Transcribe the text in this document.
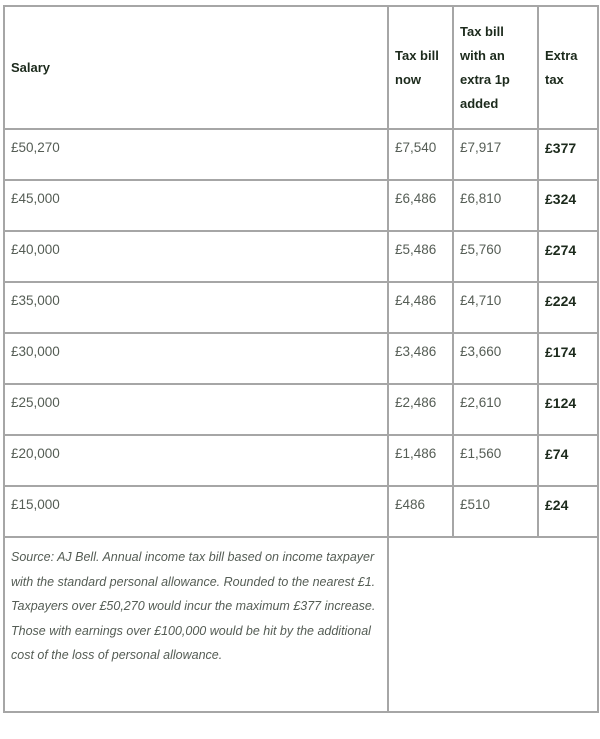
Salary	Tax bill now	Tax bill with an extra 1p added	Extra tax

£50,270	£7,540	£7,917	£377

£45,000	£6,486	£6,810	£324

£40,000	£5,486	£5,760	£274

£35,000	£4,486	£4,710	£224

£30,000	£3,486	£3,660	£174

£25,000	£2,486	£2,610	£124

£20,000	£1,486	£1,560	£74

£15,000	£486	£510	£24

Source: AJ Bell. Annual income tax bill based on income taxpayer with the standard personal allowance. Rounded to the nearest £1. Taxpayers over £50,270 would incur the maximum £377 increase. Those with earnings over £100,000 would be hit by the additional cost of the loss of personal allowance.			
